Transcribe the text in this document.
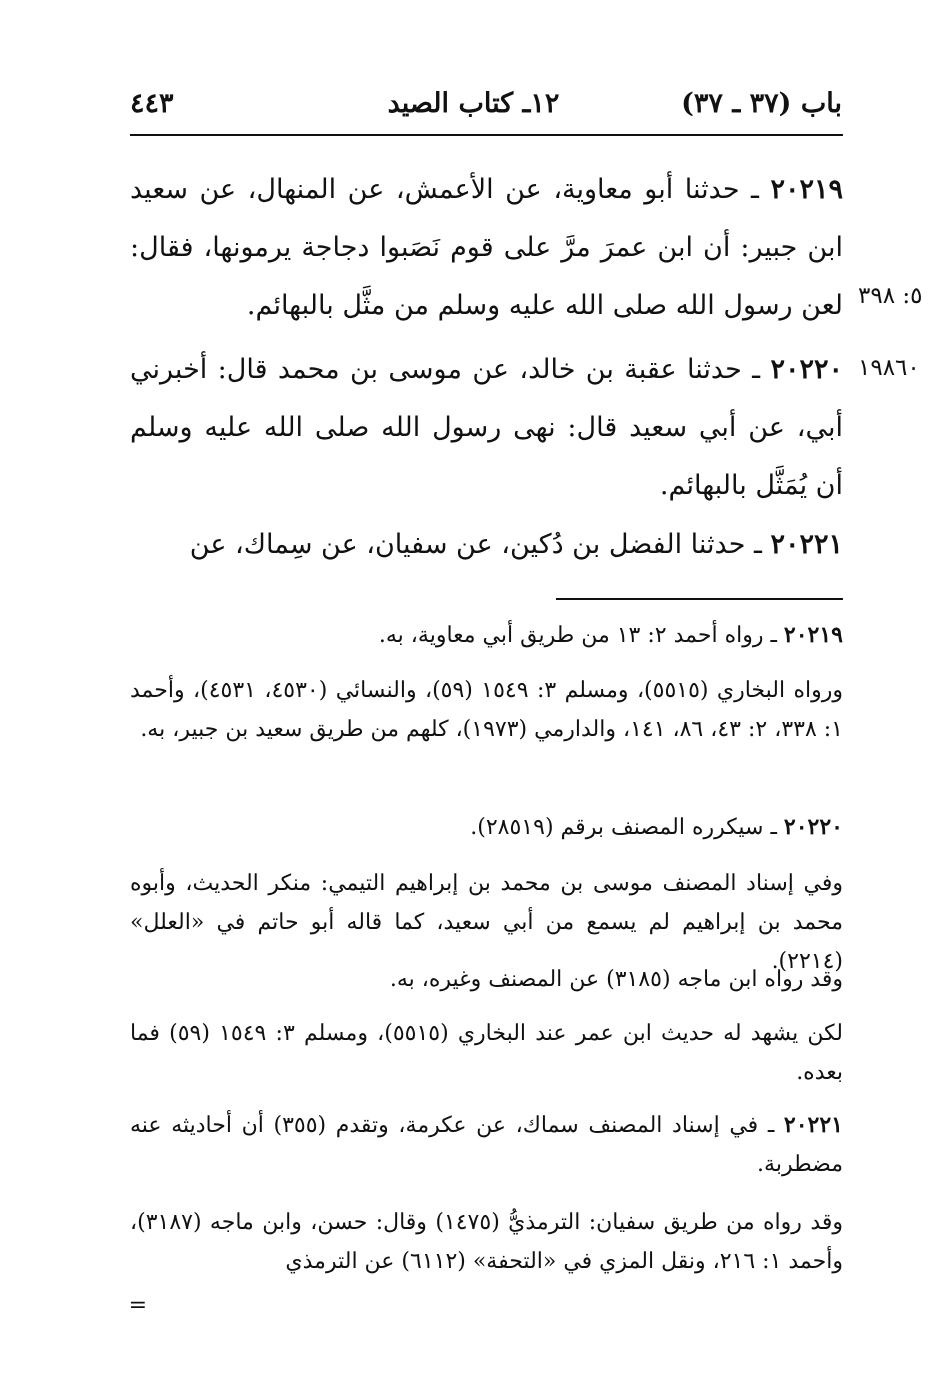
باب (٣٧ ـ ٣٧)
١٢ـ كتاب الصيد
٤٤٣

٢٠٢١٩ ـ حدثنا أبو معاوية، عن الأعمش، عن المنهال، عن سعيد ابن جبير: أن ابن عمرَ مرَّ على قوم نَصَبوا دجاجة يرمونها، فقال: لعن رسول الله صلى الله عليه وسلم من مثَّل بالبهائم. ٥: ٣٩٨

٢٠٢٢٠ ـ حدثنا عقبة بن خالد، عن موسى بن محمد قال: أخبرني أبي، عن أبي سعيد قال: نهى رسول الله صلى الله عليه وسلم أن يُمَثَّل بالبهائم.

١٩٨٦٠

٢٠٢٢١ ـ حدثنا الفضل بن دُكين، عن سفيان، عن سِماك، عن

٢٠٢١٩ ـ رواه أحمد ٢: ١٣ من طريق أبي معاوية، به.

ورواه البخاري (٥٥١٥)، ومسلم ٣: ١٥٤٩ (٥٩)، والنسائي (٤٥٣٠، ٤٥٣١)، وأحمد ١: ٣٣٨، ٢: ٤٣، ٨٦، ١٤١، والدارمي (١٩٧٣)، كلهم من طريق سعيد بن جبير، به.

٢٠٢٢٠ ـ سيكرره المصنف برقم (٢٨٥١٩).

وفي إسناد المصنف موسى بن محمد بن إبراهيم التيمي: منكر الحديث، وأبوه محمد بن إبراهيم لم يسمع من أبي سعيد، كما قاله أبو حاتم في «العلل» (٢٢١٤).

وقد رواه ابن ماجه (٣١٨٥) عن المصنف وغيره، به.

لكن يشهد له حديث ابن عمر عند البخاري (٥٥١٥)، ومسلم ٣: ١٥٤٩ (٥٩) فما بعده.

٢٠٢٢١ ـ في إسناد المصنف سماك، عن عكرمة، وتقدم (٣٥٥) أن أحاديثه عنه مضطربة.

وقد رواه من طريق سفيان: الترمذيُّ (١٤٧٥) وقال: حسن، وابن ماجه (٣١٨٧)، وأحمد ١: ٢١٦، ونقل المزي في «التحفة» (٦١١٢) عن الترمذي

=
